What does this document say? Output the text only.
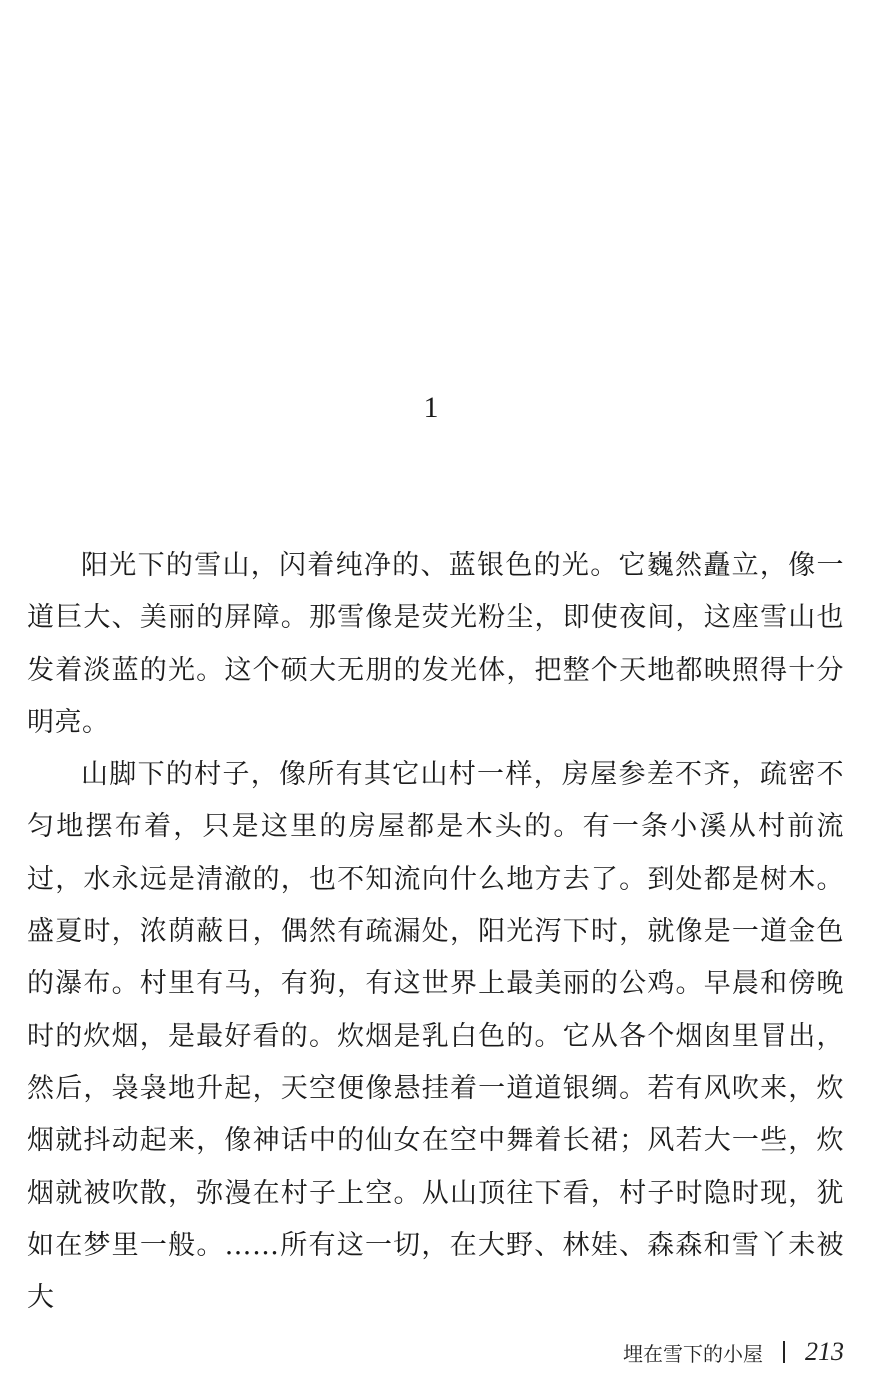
1

阳光下的雪山，闪着纯净的、蓝银色的光。它巍然矗立，像一道巨大、美丽的屏障。那雪像是荧光粉尘，即使夜间，这座雪山也发着淡蓝的光。这个硕大无朋的发光体，把整个天地都映照得十分明亮。

山脚下的村子，像所有其它山村一样，房屋参差不齐，疏密不匀地摆布着，只是这里的房屋都是木头的。有一条小溪从村前流过，水永远是清澈的，也不知流向什么地方去了。到处都是树木。盛夏时，浓荫蔽日，偶然有疏漏处，阳光泻下时，就像是一道金色的瀑布。村里有马，有狗，有这世界上最美丽的公鸡。早晨和傍晚时的炊烟，是最好看的。炊烟是乳白色的。它从各个烟囱里冒出，然后，袅袅地升起，天空便像悬挂着一道道银绸。若有风吹来，炊烟就抖动起来，像神话中的仙女在空中舞着长裙；风若大一些，炊烟就被吹散，弥漫在村子上空。从山顶往下看，村子时隐时现，犹如在梦里一般。……所有这一切，在大野、林娃、森森和雪丫未被大

埋在雪下的小屋 213
